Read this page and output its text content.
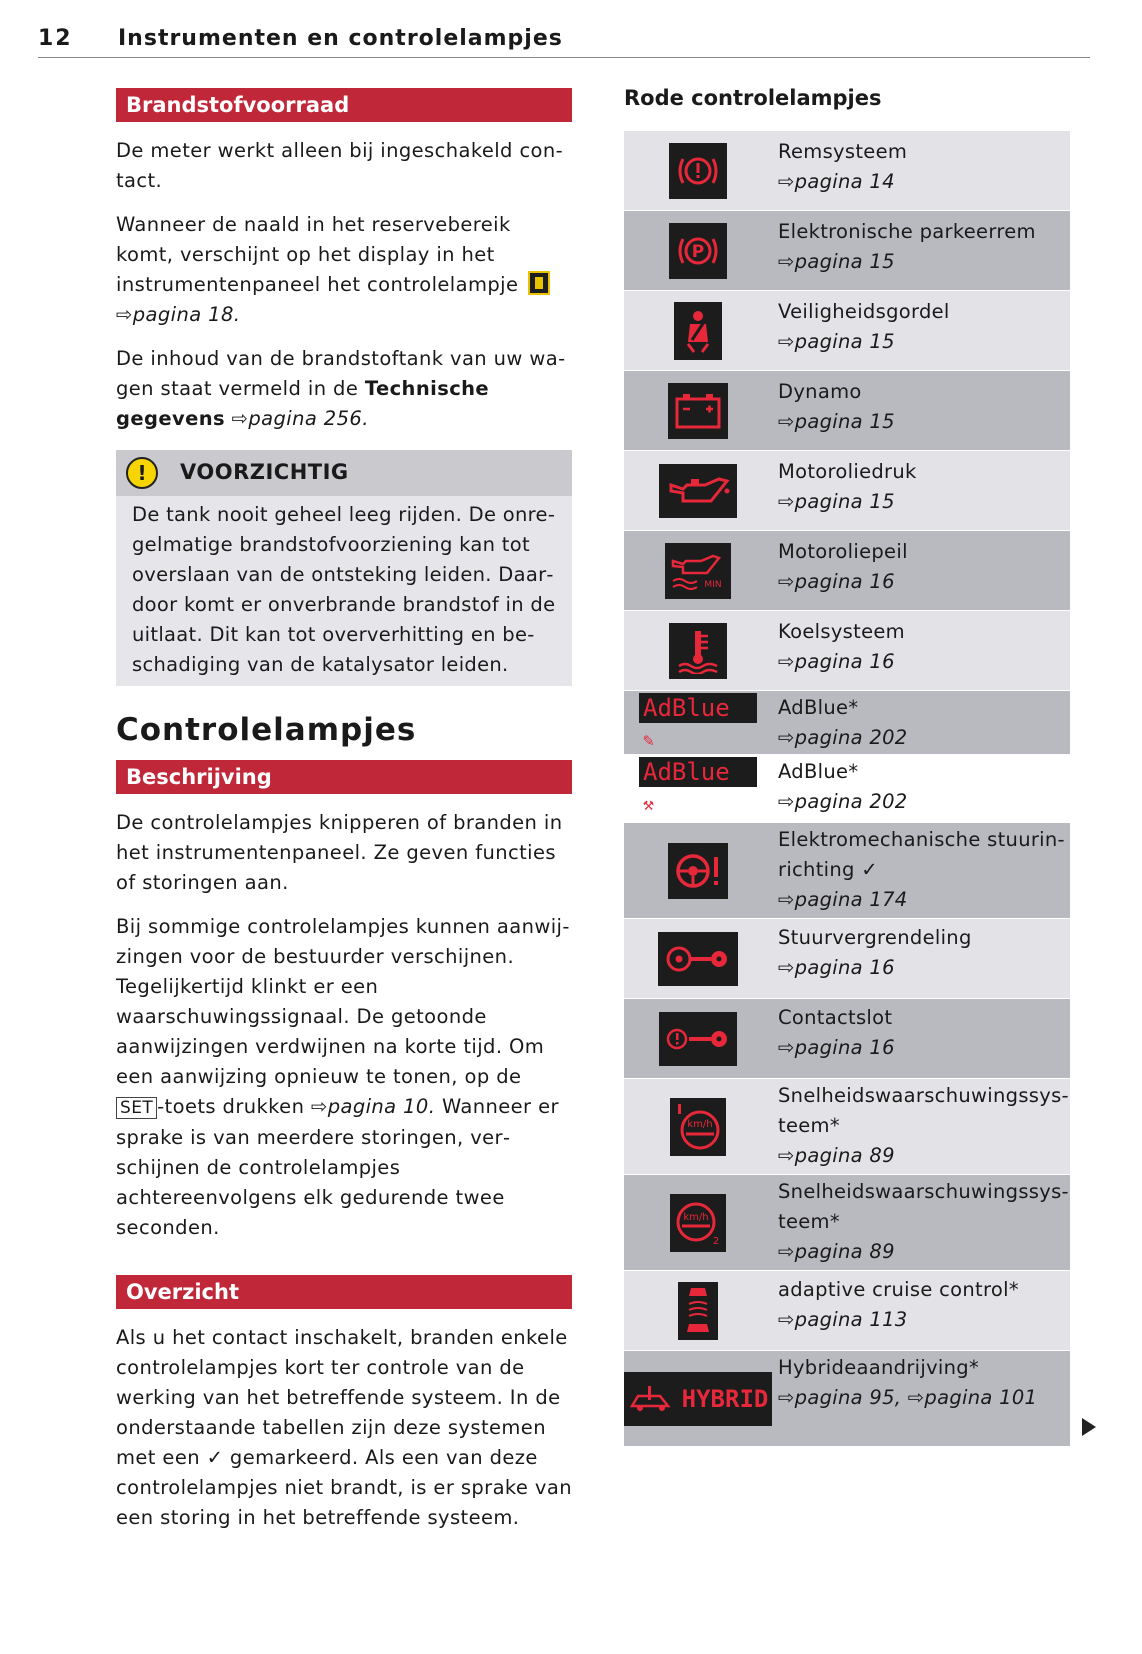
12 Instrumenten en controlelampjes
Brandstofvoorraad

De meter werkt alleen bij ingeschakeld contact.

Wanneer de naald in het reservebereik komt, verschijnt op het display in het instrumentenpaneel het controlelampje  ⇨pagina 18.

De inhoud van de brandstoftank van uw wagen staat vermeld in de Technische gegevens ⇨pagina 256.

!	VOORZICHTIG
De tank nooit geheel leeg rijden. De onregelmatige brandstofvoorziening kan tot overslaan van de ontsteking leiden. Daardoor komt er onverbrande brandstof in de uitlaat. Dit kan tot oververhitting en beschadiging van de katalysator leiden.
Controlelampjes
Beschrijving

De controlelampjes knipperen of branden in het instrumentenpaneel. Ze geven functies of storingen aan.

Bij sommige controlelampjes kunnen aanwijzingen voor de bestuurder verschijnen. Tegelijkertijd klinkt er een waarschuwingssignaal. De getoonde aanwijzingen verdwijnen na korte tijd. Om een aanwijzing opnieuw te tonen, op de SET -toets drukken ⇨pagina 10. Wanneer er sprake is van meerdere storingen, verschijnen de controlelampjes achtereenvolgens elk gedurende twee seconden.

Overzicht

Als u het contact inschakelt, branden enkele controlelampjes kort ter controle van de werking van het betreffende systeem. In de onderstaande tabellen zijn deze systemen met een ✓ gemarkeerd. Als een van deze controlelampjes niet brandt, is er sprake van een storing in het betreffende systeem.

Rode controlelampjes
Remsysteem
⇨pagina 14
P
Elektronische parkeerrem
⇨pagina 15
Veiligheidsgordel
⇨pagina 15
Dynamo
⇨pagina 15
Motoroliedruk
⇨pagina 15
MIN
Motoroliepeil
⇨pagina 16
Koelsysteem
⇨pagina 16
AdBlue ✎
AdBlue*
⇨pagina 202
AdBlue ⚒
AdBlue*
⇨pagina 202
Elektromechanische stuurinrichting ✓
⇨pagina 174
Stuurvergrendeling
⇨pagina 16
Contactslot
⇨pagina 16
km/h
Snelheidswaarschuwingssysteem*
⇨pagina 89
km/h
2
Snelheidswaarschuwingssysteem*
⇨pagina 89
adaptive cruise control*
⇨pagina 113
HYBRID
Hybrideaandrijving*
⇨pagina 95, ⇨pagina 101
